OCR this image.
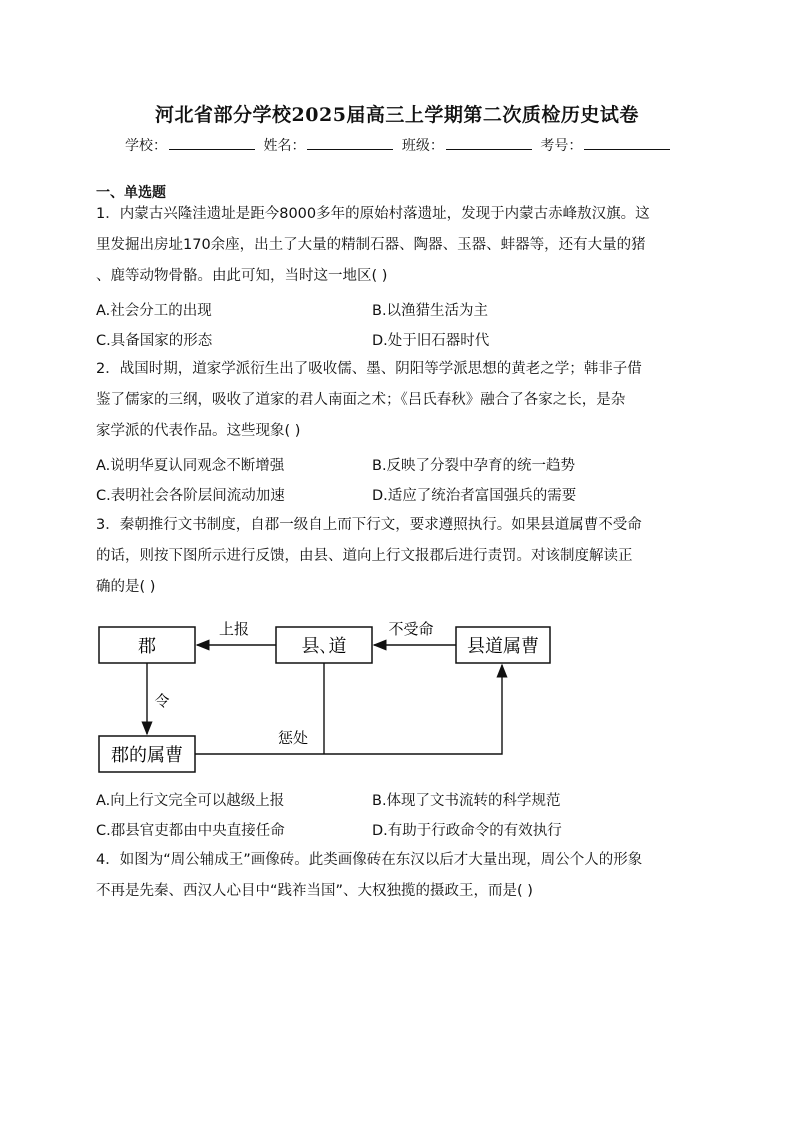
河北省部分学校2025届高三上学期第二次质检历史试卷
学校：	姓名：	班级：	考号：
一、单选题
1．内蒙古兴隆洼遗址是距今8000多年的原始村落遗址，发现于内蒙古赤峰敖汉旗。这
里发掘出房址170余座，出土了大量的精制石器、陶器、玉器、蚌器等，还有大量的猪
、鹿等动物骨骼。由此可知，当时这一地区( )
A.社会分工的出现	B.以渔猎生活为主
C.具备国家的形态	D.处于旧石器时代
2．战国时期，道家学派衍生出了吸收儒、墨、阴阳等学派思想的黄老之学；韩非子借
鉴了儒家的三纲，吸收了道家的君人南面之术；《吕氏春秋》融合了各家之长，是杂
家学派的代表作品。这些现象( )
A.说明华夏认同观念不断增强	B.反映了分裂中孕育的统一趋势
C.表明社会各阶层间流动加速	D.适应了统治者富国强兵的需要
3．秦朝推行文书制度，自郡一级自上而下行文，要求遵照执行。如果县道属曹不受命
的话，则按下图所示进行反馈，由县、道向上行文报郡后进行责罚。对该制度解读正
确的是( )
郡	县､道	县道属曹
郡的属曹
上报	不受命
令
惩处
A.向上行文完全可以越级上报	B.体现了文书流转的科学规范
C.郡县官吏都由中央直接任命	D.有助于行政命令的有效执行
4．如图为“周公辅成王”画像砖。此类画像砖在东汉以后才大量出现，周公个人的形象
不再是先秦、西汉人心目中“践祚当国”、大权独揽的摄政王，而是( )
